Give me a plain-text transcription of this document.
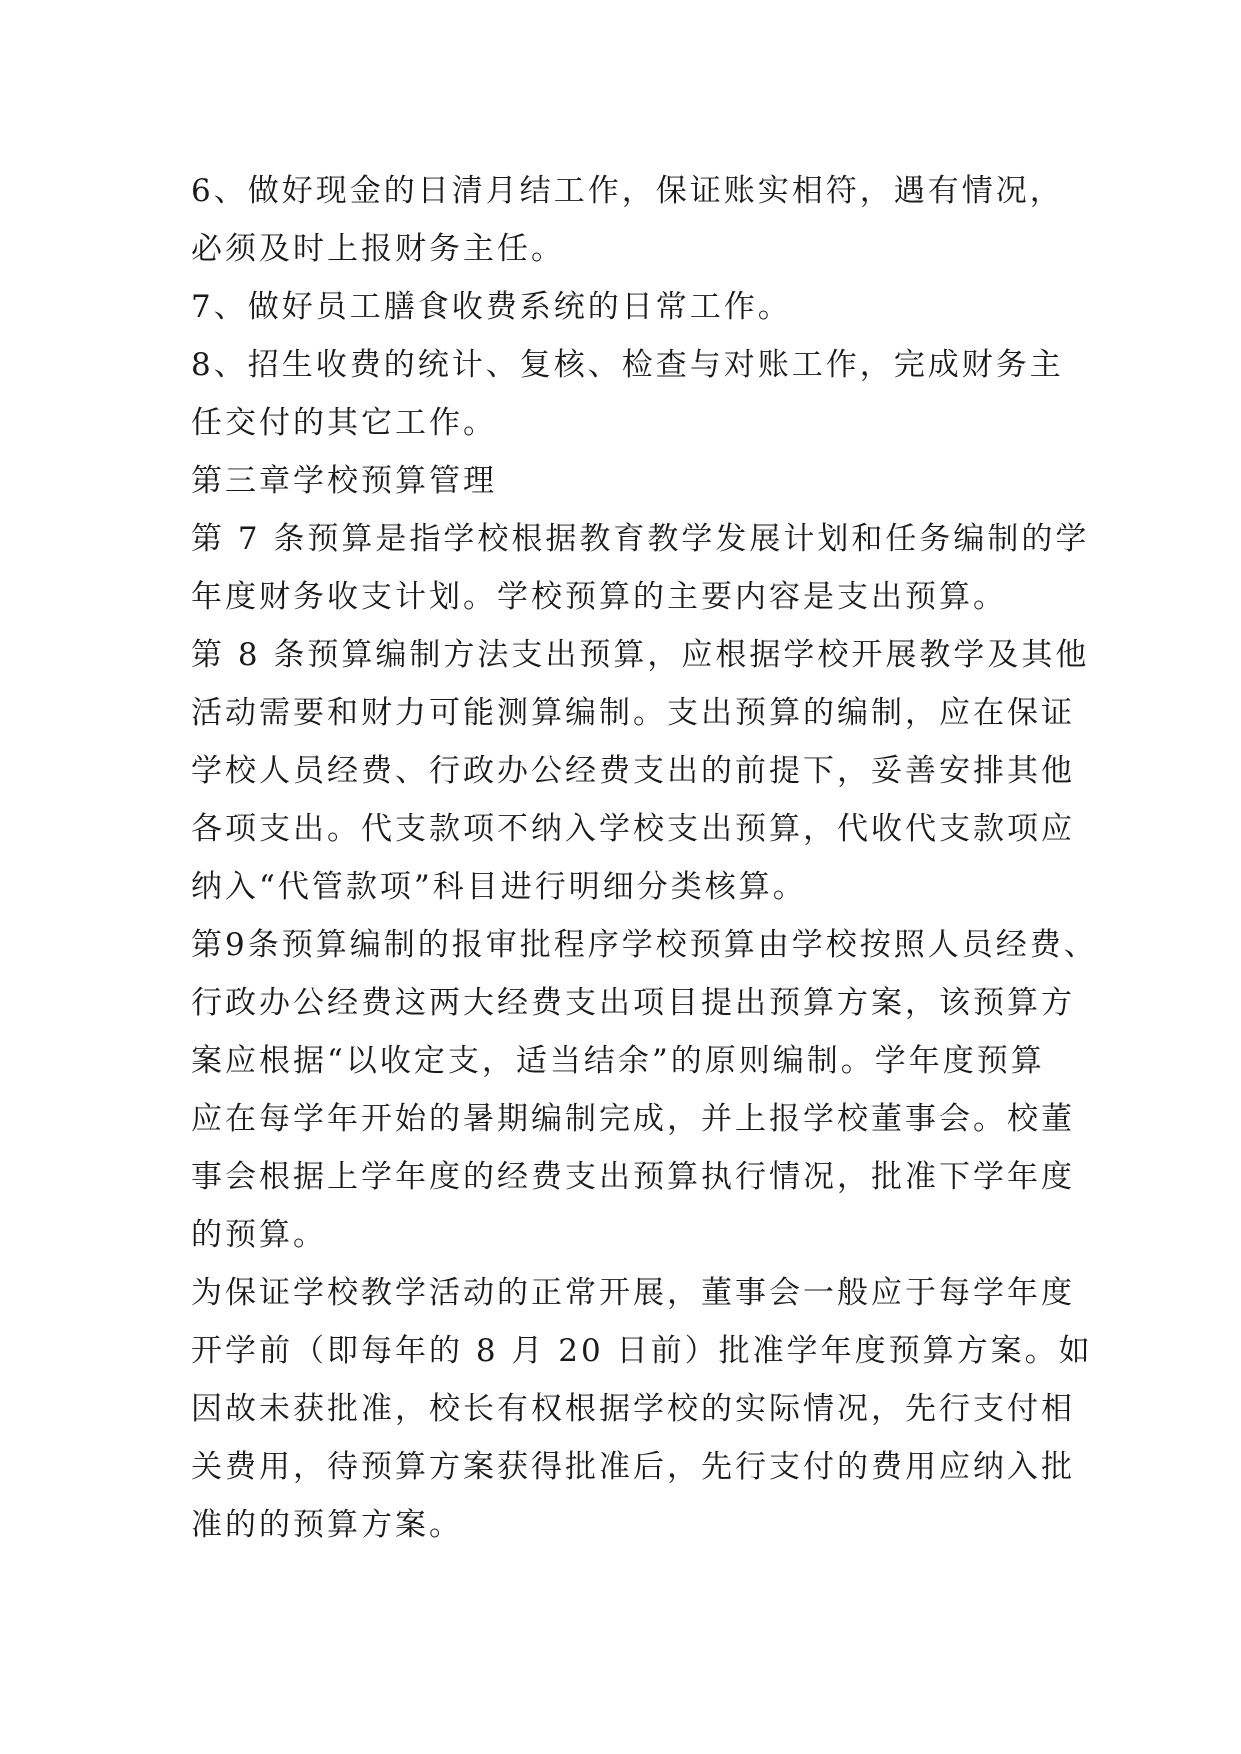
6、做好现金的日清月结工作，保证账实相符，遇有情况，
必须及时上报财务主任。
7、做好员工膳食收费系统的日常工作。
8、招生收费的统计、复核、检查与对账工作，完成财务主
任交付的其它工作。
第三章学校预算管理
第 7 条预算是指学校根据教育教学发展计划和任务编制的学
年度财务收支计划。学校预算的主要内容是支出预算。
第 8 条预算编制方法支出预算，应根据学校开展教学及其他
活动需要和财力可能测算编制。支出预算的编制，应在保证
学校人员经费、行政办公经费支出的前提下，妥善安排其他
各项支出。代支款项不纳入学校支出预算，代收代支款项应
纳入“代管款项”科目进行明细分类核算。
第9条预算编制的报审批程序学校预算由学校按照人员经费、
行政办公经费这两大经费支出项目提出预算方案，该预算方
案应根据“以收定支，适当结余”的原则编制。学年度预算
应在每学年开始的暑期编制完成，并上报学校董事会。校董
事会根据上学年度的经费支出预算执行情况，批准下学年度
的预算。
为保证学校教学活动的正常开展，董事会一般应于每学年度
开学前（即每年的 8 月 20 日前）批准学年度预算方案。如
因故未获批准，校长有权根据学校的实际情况，先行支付相
关费用，待预算方案获得批准后，先行支付的费用应纳入批
准的的预算方案。
